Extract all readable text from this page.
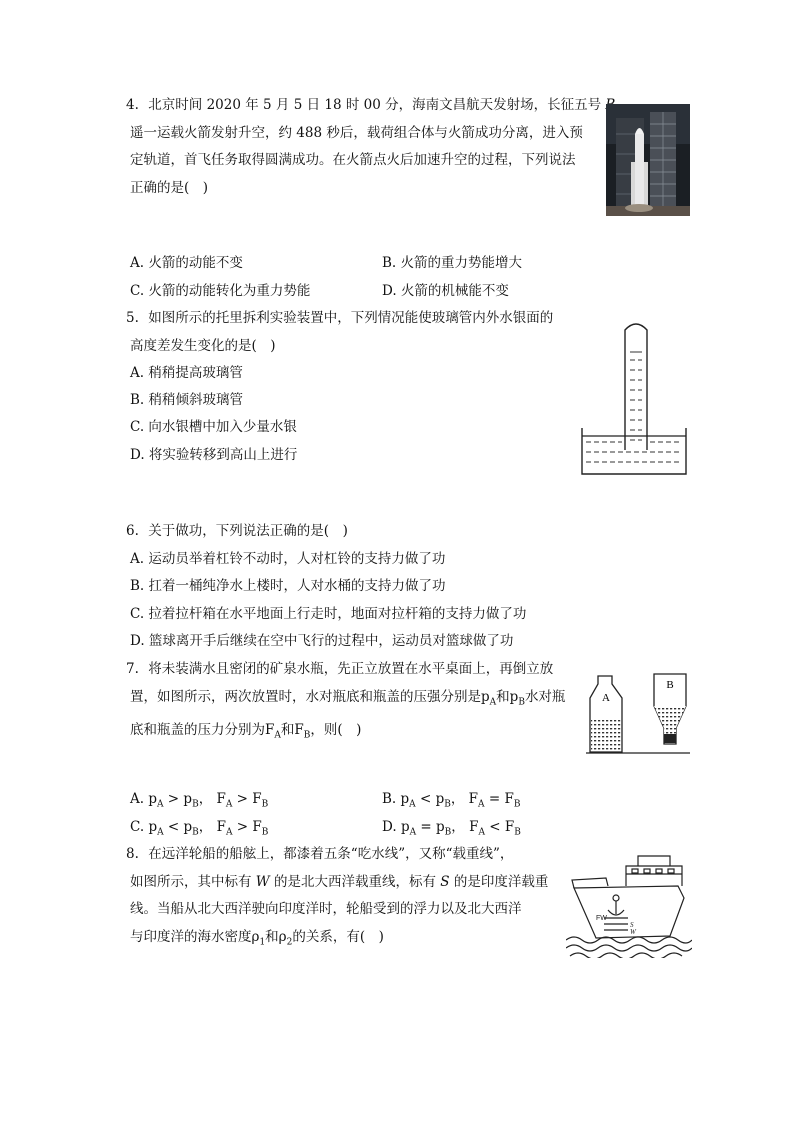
4. 北京时间 2020 年 5 月 5 日 18 时 00 分，海南文昌航天发射场，长征五号
遥一运载火箭发射升空，约 488 秒后，载荷组合体与火箭成功分离，进入预
定轨道，首飞任务取得圆满成功。在火箭点火后加速升空的过程，下列说法
正确的是(　)
A. 火箭的动能不变	B. 火箭的重力势能增大
C. 火箭的动能转化为重力势能	D. 火箭的机械能不变
5. 如图所示的托里拆利实验装置中，下列情况能使玻璃管内外水银面的
高度差发生变化的是(　)
A. 稍稍提高玻璃管
B. 稍稍倾斜玻璃管
C. 向水银槽中加入少量水银
D. 将实验转移到高山上进行
6. 关于做功，下列说法正确的是(　)
A. 运动员举着杠铃不动时，人对杠铃的支持力做了功
B. 扛着一桶纯净水上楼时，人对水桶的支持力做了功
C. 拉着拉杆箱在水平地面上行走时，地面对拉杆箱的支持力做了功
D. 篮球离开手后继续在空中飞行的过程中，运动员对篮球做了功
7. 将未装满水且密闭的矿泉水瓶，先正立放置在水平桌面上，再倒立放
置，如图所示，两次放置时，水对瓶底和瓶盖的压强分别是$p_A$和$p_B$水对瓶
底和瓶盖的压力分别为$F_A$和$F_B$，则(　)
A
B
A. $p_A > p_B$， $F_A > F_B$	B. $p_A < p_B$， $F_A = F_B$
C. $p_A < p_B$， $F_A > F_B$	D. $p_A = p_B$， $F_A < F_B$
8. 在远洋轮船的船舷上，都漆着五条“吃水线”，又称“载重线”，
如图所示，其中标有 W 的是北大西洋载重线，标有 S 的是印度洋载重
线。当船从北大西洋驶向印度洋时，轮船受到的浮力以及北大西洋
与印度洋的海水密度$\rho_1$和$\rho_2$的关系，有(　)
FW
S
W
